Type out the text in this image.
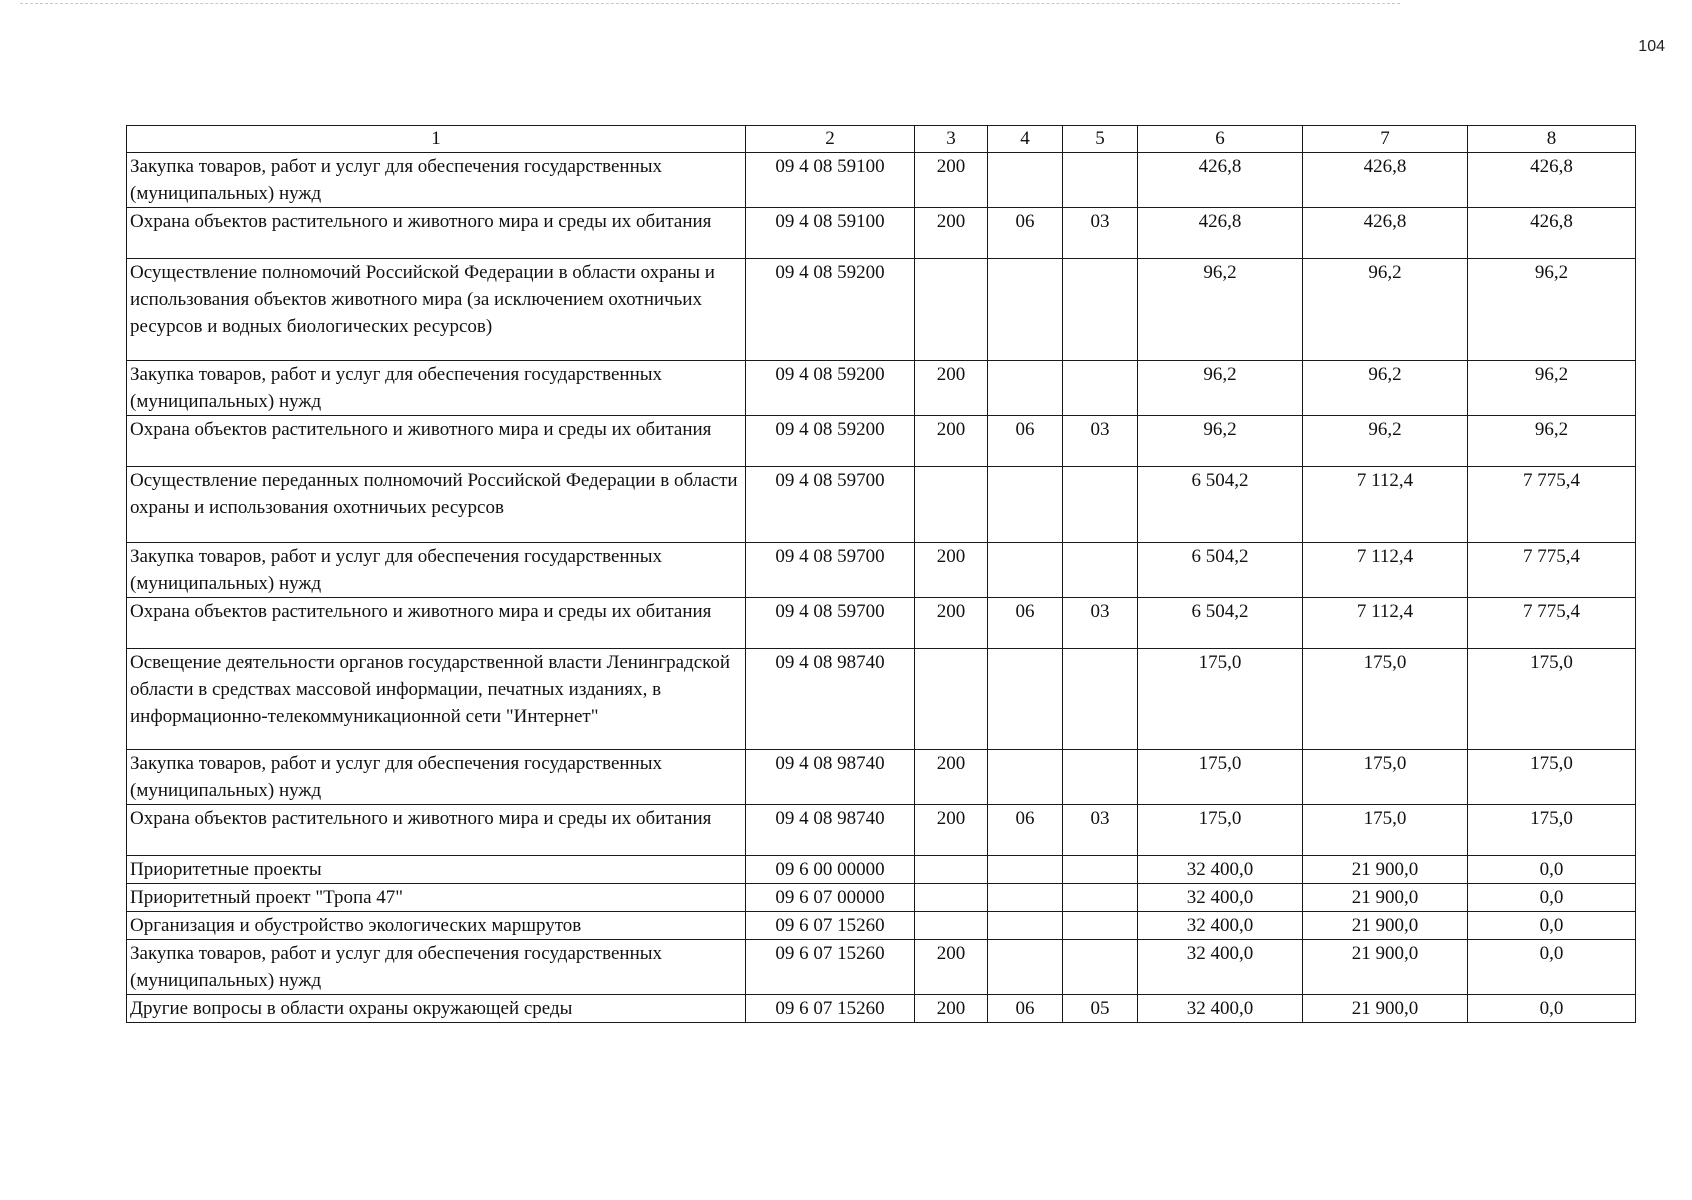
104
1	2	3	4	5	6	7	8
Закупка товаров, работ и услуг для обеспечения государственных (муниципальных) нужд	09 4 08 59100	200			426,8	426,8	426,8
Охрана объектов растительного и животного мира и среды их обитания	09 4 08 59100	200	06	03	426,8	426,8	426,8
Осуществление полномочий Российской Федерации в области охраны и использования объектов животного мира (за исключением охотничьих ресурсов и водных биологических ресурсов)	09 4 08 59200				96,2	96,2	96,2
Закупка товаров, работ и услуг для обеспечения государственных (муниципальных) нужд	09 4 08 59200	200			96,2	96,2	96,2
Охрана объектов растительного и животного мира и среды их обитания	09 4 08 59200	200	06	03	96,2	96,2	96,2
Осуществление переданных полномочий Российской Федерации в области охраны и использования охотничьих ресурсов	09 4 08 59700				6 504,2	7 112,4	7 775,4
Закупка товаров, работ и услуг для обеспечения государственных (муниципальных) нужд	09 4 08 59700	200			6 504,2	7 112,4	7 775,4
Охрана объектов растительного и животного мира и среды их обитания	09 4 08 59700	200	06	03	6 504,2	7 112,4	7 775,4
Освещение деятельности органов государственной власти Ленинградской области в средствах массовой информации, печатных изданиях, в информационно-телекоммуникационной сети "Интернет"	09 4 08 98740				175,0	175,0	175,0
Закупка товаров, работ и услуг для обеспечения государственных (муниципальных) нужд	09 4 08 98740	200			175,0	175,0	175,0
Охрана объектов растительного и животного мира и среды их обитания	09 4 08 98740	200	06	03	175,0	175,0	175,0
Приоритетные проекты	09 6 00 00000				32 400,0	21 900,0	0,0
Приоритетный проект "Тропа 47"	09 6 07 00000				32 400,0	21 900,0	0,0
Организация и обустройство экологических маршрутов	09 6 07 15260				32 400,0	21 900,0	0,0
Закупка товаров, работ и услуг для обеспечения государственных (муниципальных) нужд	09 6 07 15260	200			32 400,0	21 900,0	0,0
Другие вопросы в области охраны окружающей среды	09 6 07 15260	200	06	05	32 400,0	21 900,0	0,0
